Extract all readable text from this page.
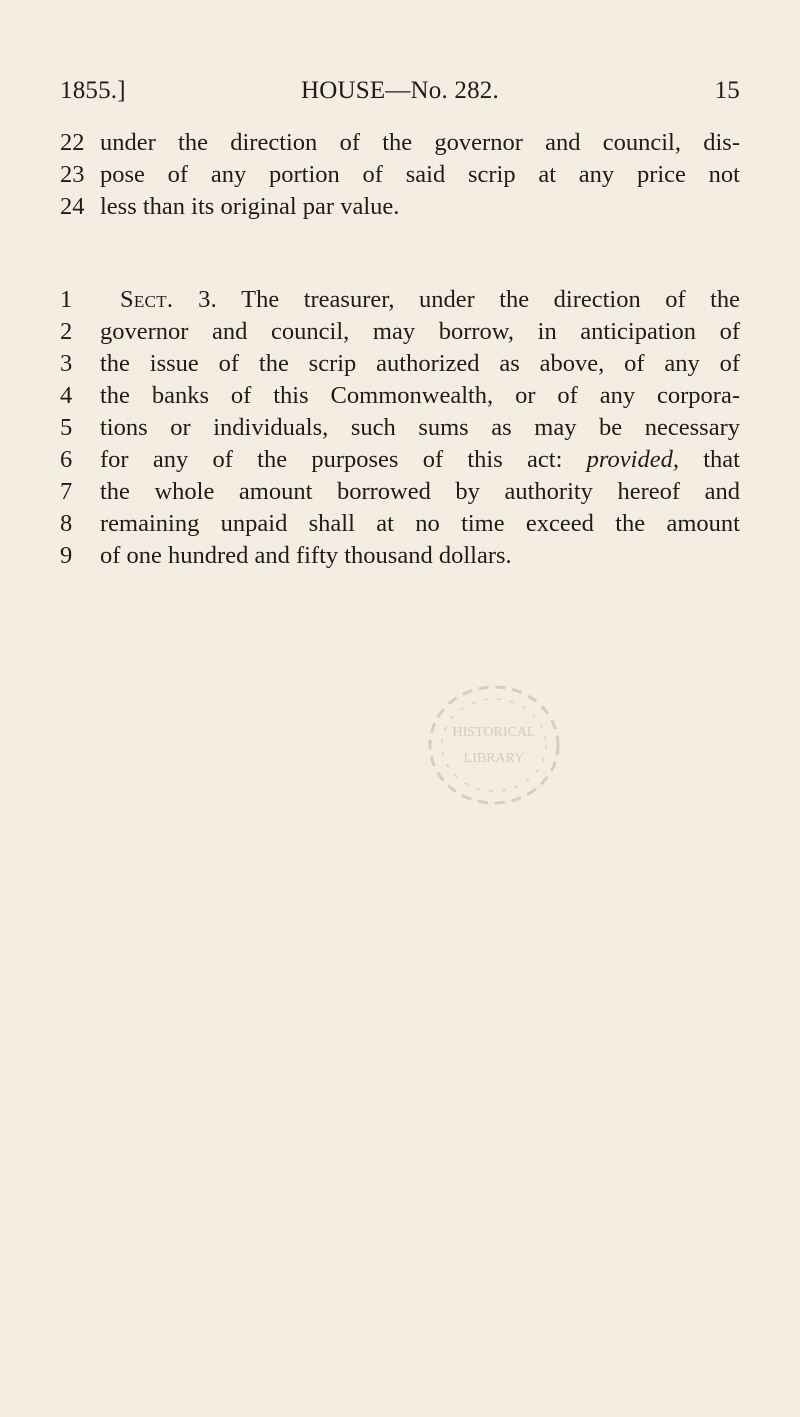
1855.]	HOUSE—No. 282.	15
22 under the direction of the governor and council, dis-
23 pose of any portion of said scrip at any price not
24 less than its original par value.
1	Sect. 3. The treasurer, under the direction of the
2	governor and council, may borrow, in anticipation of
3	the issue of the scrip authorized as above, of any of
4	the banks of this Commonwealth, or of any corpora-
5	tions or individuals, such sums as may be necessary
6	for any of the purposes of this act: provided, that
7	the whole amount borrowed by authority hereof and
8	remaining unpaid shall at no time exceed the amount
9	of one hundred and fifty thousand dollars.
HISTORICAL
LIBRARY
